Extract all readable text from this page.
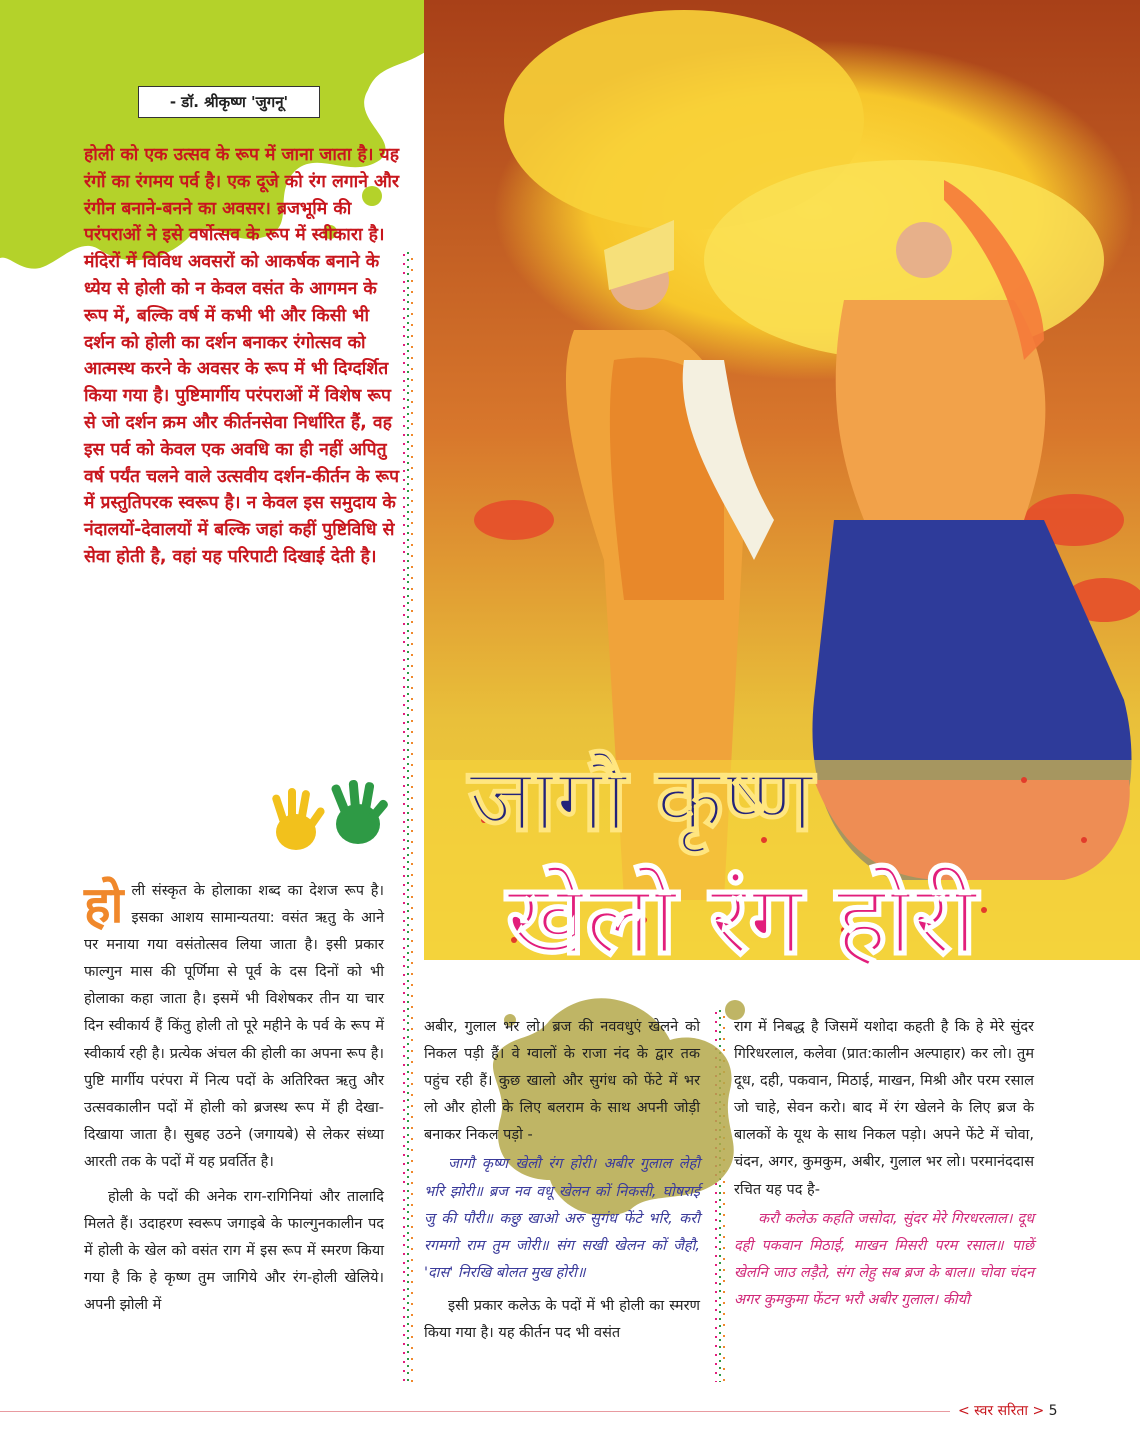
- डॉ. श्रीकृष्ण 'जुगनू'
होली को एक उत्सव के रूप में जाना जाता है। यह रंगों का रंगमय पर्व है। एक दूजे को रंग लगाने और रंगीन बनाने-बनने का अवसर। ब्रजभूमि की परंपराओं ने इसे वर्षोत्सव के रूप में स्वीकारा है। मंदिरों में विविध अवसरों को आकर्षक बनाने के ध्येय से होली को न केवल वसंत के आगमन के रूप में, बल्कि वर्ष में कभी भी और किसी भी दर्शन को होली का दर्शन बनाकर रंगोत्सव को आत्मस्थ करने के अवसर के रूप में भी दिग्दर्शित किया गया है। पुष्टिमार्गीय परंपराओं में विशेष रूप से जो दर्शन क्रम और कीर्तनसेवा निर्धारित हैं, वह इस पर्व को केवल एक अवधि का ही नहीं अपितु वर्ष पर्यंत चलने वाले उत्सवीय दर्शन-कीर्तन के रूप में प्रस्तुतिपरक स्वरूप है। न केवल इस समुदाय के नंदालयों-देवालयों में बल्कि जहां कहीं पुष्टिविधि से सेवा होती है, वहां यह परिपाटी दिखाई देती है।
जागौ कृष्ण
खेलो रंग होरी

होली संस्कृत के होलाका शब्द का देशज रूप है। इसका आशय सामान्यतया: वसंत ऋतु के आने पर मनाया गया वसंतोत्सव लिया जाता है। इसी प्रकार फाल्गुन मास की पूर्णिमा से पूर्व के दस दिनों को भी होलाका कहा जाता है। इसमें भी विशेषकर तीन या चार दिन स्वीकार्य हैं किंतु होली तो पूरे महीने के पर्व के रूप में स्वीकार्य रही है। प्रत्येक अंचल की होली का अपना रूप है। पुष्टि मार्गीय परंपरा में नित्य पदों के अतिरिक्त ऋतु और उत्सवकालीन पदों में होली को ब्रजस्थ रूप में ही देखा-दिखाया जाता है। सुबह उठने (जगायबे) से लेकर संध्या आरती तक के पदों में यह प्रवर्तित है।

होली के पदों की अनेक राग-रागिनियां और तालादि मिलते हैं। उदाहरण स्वरूप जगाइबे के फाल्गुनकालीन पद में होली के खेल को वसंत राग में इस रूप में स्मरण किया गया है कि हे कृष्ण तुम जागिये और रंग-होली खेलिये। अपनी झोली में

अबीर, गुलाल भर लो। ब्रज की नववधुएं खेलने को निकल पड़ी हैं। वे ग्वालों के राजा नंद के द्वार तक पहुंच रही हैं। कुछ खालो और सुगंध को फेंटे में भर लो और होली के लिए बलराम के साथ अपनी जोड़ी बनाकर निकल पड़ो -

जागौ कृष्ण खेलौ रंग होरी। अबीर गुलाल लेहौ भरि झोरी॥ ब्रज नव वधू खेलन कों निकसी, घोषराई जु की पौरी॥ कछु खाओ अरु सुगंध फेंटे भरि, करौ रगमगो राम तुम जोरी॥ संग सखी खेलन कों जैहौ, 'दास' निरखि बोलत मुख होरी॥

इसी प्रकार कलेऊ के पदों में भी होली का स्मरण किया गया है। यह कीर्तन पद भी वसंत

राग में निबद्ध है जिसमें यशोदा कहती है कि हे मेरे सुंदर गिरिधरलाल, कलेवा (प्रात:कालीन अल्पाहार) कर लो। तुम दूध, दही, पकवान, मिठाई, माखन, मिश्री और परम रसाल जो चाहे, सेवन करो। बाद में रंग खेलने के लिए ब्रज के बालकों के यूथ के साथ निकल पड़ो। अपने फेंटे में चोवा, चंदन, अगर, कुमकुम, अबीर, गुलाल भर लो। परमानंददास रचित यह पद है-

करौ कलेऊ कहति जसोदा, सुंदर मेरे गिरधरलाल। दूध दही पकवान मिठाई, माखन मिसरी परम रसाल॥ पाछें खेलनि जाउ लड़ैते, संग लेहु सब ब्रज के बाल॥ चोवा चंदन अगर कुमकुमा फेंटन भरौ अबीर गुलाल। कीयौ

< स्वर सरिता > 5
